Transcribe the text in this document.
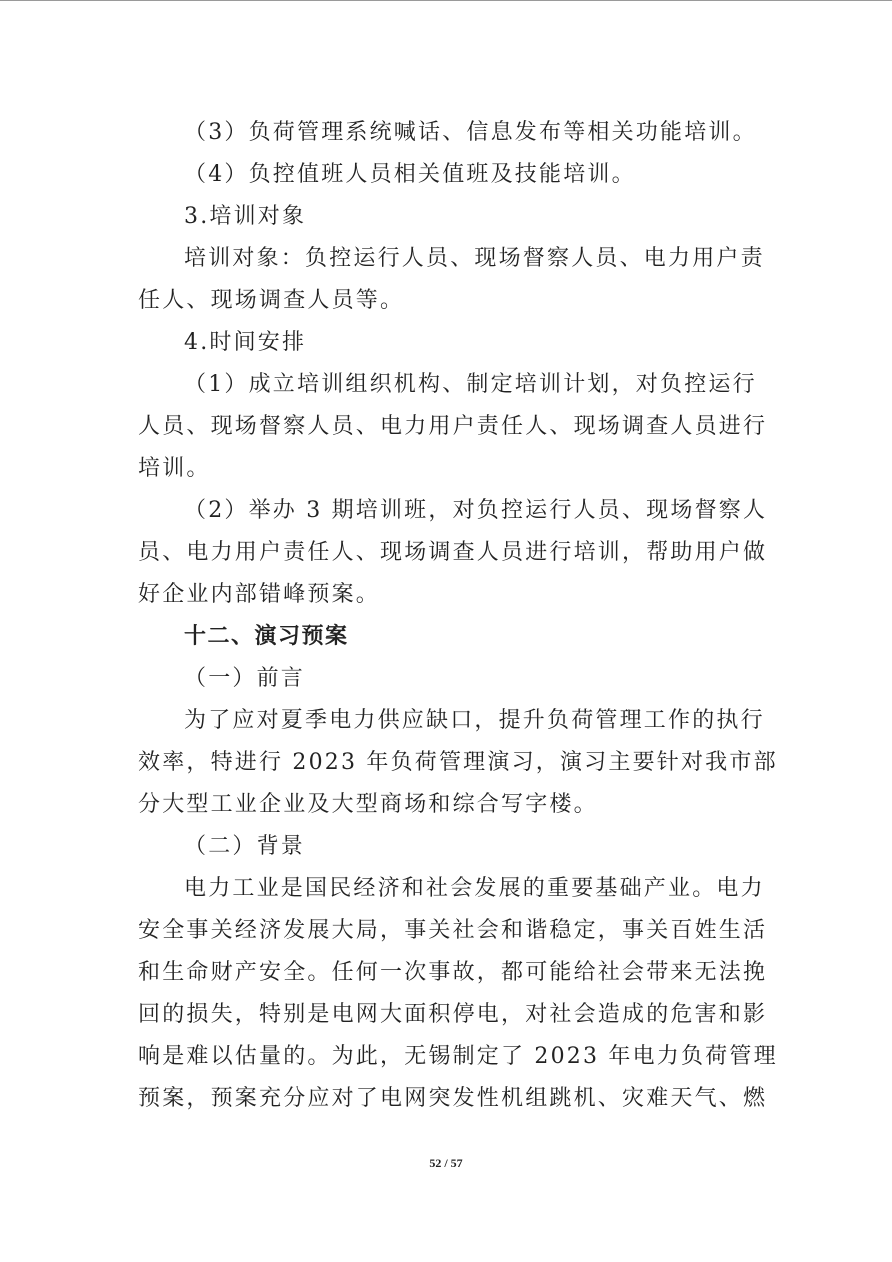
（3）负荷管理系统喊话、信息发布等相关功能培训。
（4）负控值班人员相关值班及技能培训。
3.培训对象
培训对象：负控运行人员、现场督察人员、电力用户责
任人、现场调查人员等。
4.时间安排
（1）成立培训组织机构、制定培训计划，对负控运行
人员、现场督察人员、电力用户责任人、现场调查人员进行
培训。
（2）举办 3 期培训班，对负控运行人员、现场督察人
员、电力用户责任人、现场调查人员进行培训，帮助用户做
好企业内部错峰预案。
十二、演习预案
（一）前言
为了应对夏季电力供应缺口，提升负荷管理工作的执行
效率，特进行 2023 年负荷管理演习，演习主要针对我市部
分大型工业企业及大型商场和综合写字楼。
（二）背景
电力工业是国民经济和社会发展的重要基础产业。电力
安全事关经济发展大局，事关社会和谐稳定，事关百姓生活
和生命财产安全。任何一次事故，都可能给社会带来无法挽
回的损失，特别是电网大面积停电，对社会造成的危害和影
响是难以估量的。为此，无锡制定了 2023 年电力负荷管理
预案，预案充分应对了电网突发性机组跳机、灾难天气、燃
52 / 57
